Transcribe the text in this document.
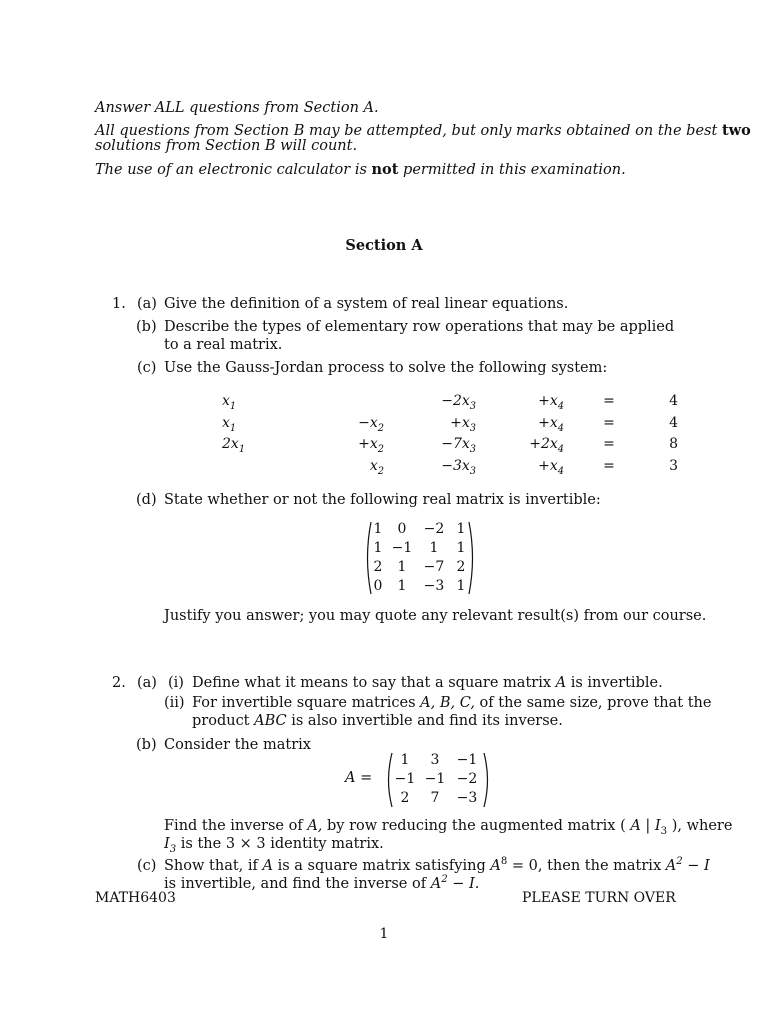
Answer ALL questions from Section A.
All questions from Section B may be attempted, but only marks obtained on the best two
solutions from Section B will count.
The use of an electronic calculator is not permitted in this examination.
Section A
1. (a) Give the definition of a system of real linear equations.
(b) Describe the types of elementary row operations that may be applied to a real matrix.
(c) Use the Gauss-Jordan process to solve the following system:
$x_1$		$-2x_3$	$+x_4$	=	4
$x_1$	$-x_2$	$+x_3$	$+x_4$	=	4
$2x_1$	$+x_2$	$-7x_3$	$+2x_4$	=	8
	$x_2$	$-3x_3$	$+x_4$	=	3
(d) State whether or not the following real matrix is invertible:
1	0	−2	1
1	−1	1	1
2	1	−7	2
0	1	−3	1
Justify you answer; you may quote any relevant result(s) from our course.
2. (a) (i) Define what it means to say that a square matrix A is invertible.
(ii) For invertible square matrices A, B, C, of the same size, prove that the
product ABC is also invertible and find its inverse.
(b) Consider the matrix
A =
1	3	−1
−1	−1	−2
2	7	−3
Find the inverse of A, by row reducing the augmented matrix ( A | $I_3$ ), where
$I_3$ is the 3 × 3 identity matrix.
(c) Show that, if A is a square matrix satisfying $A^8 = 0$, then the matrix $A^2 - I$
is invertible, and find the inverse of $A^2 - I$.
MATH6403	PLEASE TURN OVER
1
